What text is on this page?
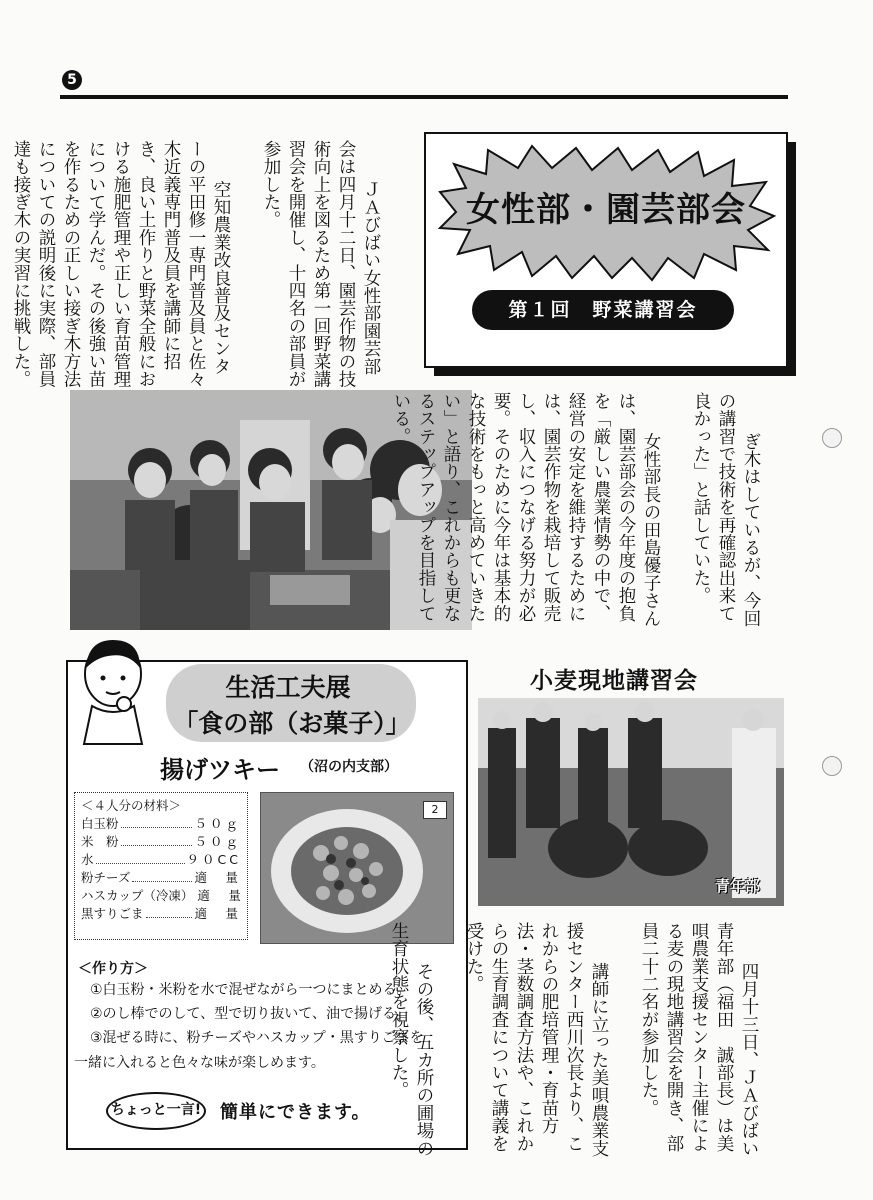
5

ＪＡびばい女性部園芸部会は四月十二日、園芸作物の技術向上を図るため第一回野菜講習会を開催し、十四名の部員が参加した。

空知農業改良普及センターの平田修一専門普及員と佐々木近義専門普及員を講師に招き、良い土作りと野菜全般における施肥管理や正しい育苗管理について学んだ。その後強い苗を作るための正しい接ぎ木方法についての説明後に実際、部員達も接ぎ木の実習に挑戦した。

	女性部・園芸部会
第１回　野菜講習会

ぎ木はしているが、今回の講習で技術を再確認出来て良かった」と話していた。

女性部長の田島優子さんは、園芸部会の今年度の抱負を「厳しい農業情勢の中で、経営の安定を維持するためには、園芸作物を栽培して販売し、収入につなげる努力が必要。そのために今年は基本的な技術をもっと高めていきたい」と語り、これからも更なるステップアップを目指している。

生活工夫展
「食の部（お菓子）」
揚げツキー （沼の内支部）
＜４人分の材料＞
白玉粉	５０ｇ
米　粉	５０ｇ
水	９０CC
粉チーズ	適　量
ハスカップ（冷凍） 適　量
黒すりごま	適　量
2
＜作り方＞
①白玉粉・米粉を水で混ぜながら一つにまとめる。
②のし棒でのして、型で切り抜いて、油で揚げる。
③混ぜる時に、粉チーズやハスカップ・黒すりごまを
一緒に入れると色々な味が楽しめます。
ちょっと一言! 簡単にできます。
小麦現地講習会
青年部

四月十三日、ＪＡびばい青年部（福田　誠部長）は美唄農業支援センター主催による麦の現地講習会を開き、部員二十二名が参加した。

講師に立った美唄農業支援センター西川次長より、これからの肥培管理・育苗方法・茎数調査方法や、これからの生育調査について講義を受けた。

その後、五カ所の圃場の生育状態を視察した。
